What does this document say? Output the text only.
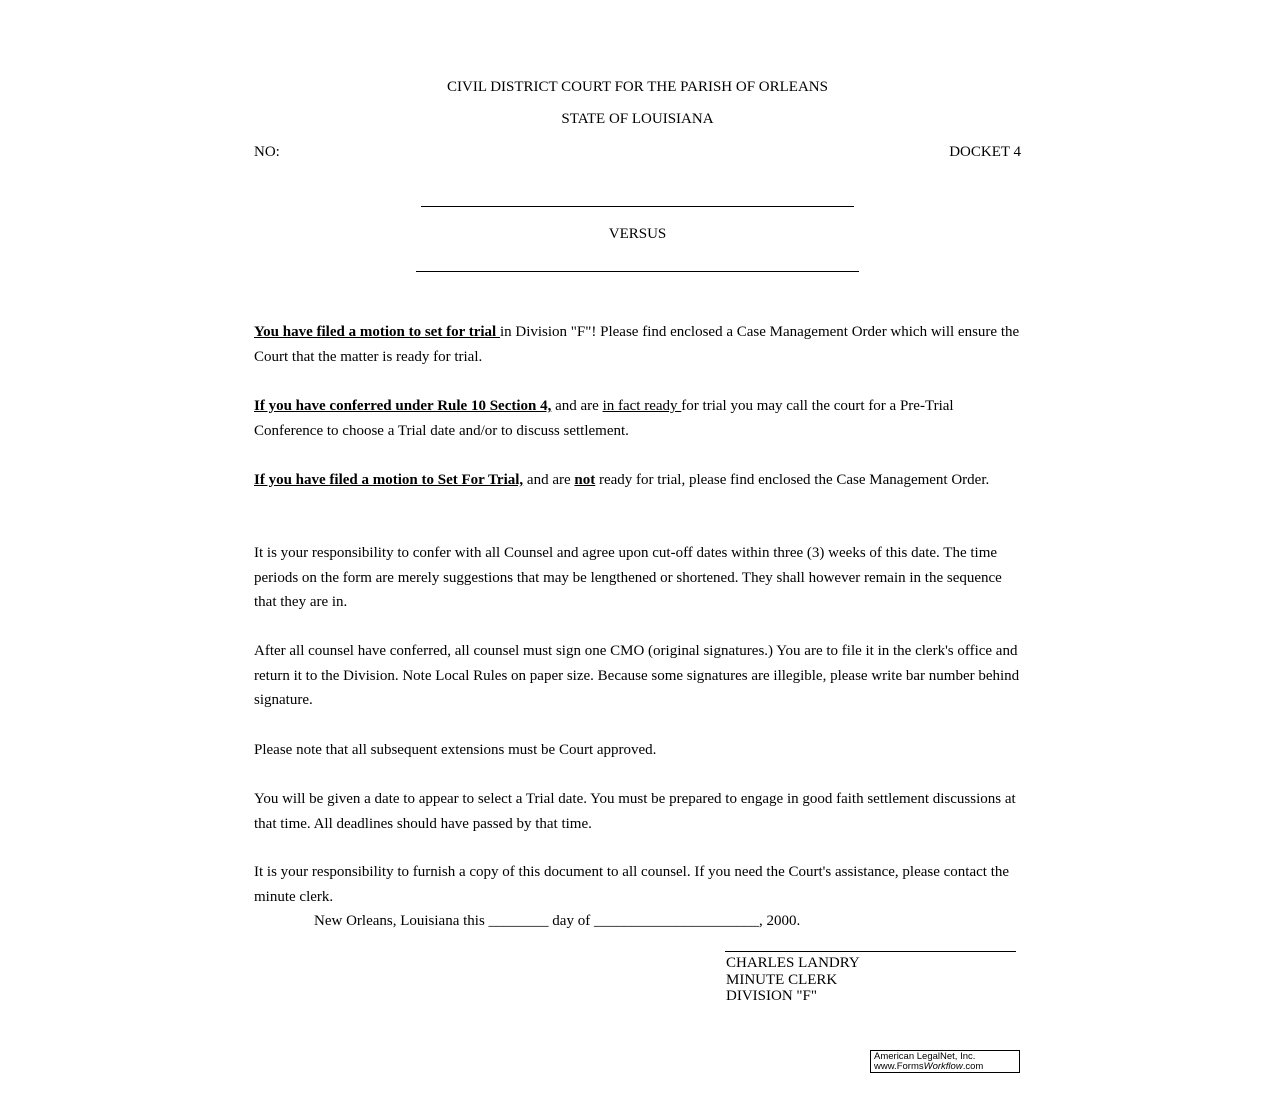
CIVIL DISTRICT COURT FOR THE PARISH OF ORLEANS
STATE OF LOUISIANA
NO:	DOCKET 4
VERSUS

You have filed a motion to set for trial in Division "F"! Please find enclosed a Case Management Order which will ensure the Court that the matter is ready for trial.

If you have conferred under Rule 10 Section 4, and are in fact ready for trial you may call the court for a Pre-Trial Conference to choose a Trial date and/or to discuss settlement.

If you have filed a motion to Set For Trial, and are not ready for trial, please find enclosed the Case Management Order.

It is your responsibility to confer with all Counsel and agree upon cut-off dates within three (3) weeks of this date. The time periods on the form are merely suggestions that may be lengthened or shortened. They shall however remain in the sequence that they are in.

After all counsel have conferred, all counsel must sign one CMO (original signatures.) You are to file it in the clerk's office and return it to the Division. Note Local Rules on paper size. Because some signatures are illegible, please write bar number behind signature.

Please note that all subsequent extensions must be Court approved.

You will be given a date to appear to select a Trial date. You must be prepared to engage in good faith settlement discussions at that time. All deadlines should have passed by that time.

It is your responsibility to furnish a copy of this document to all counsel. If you need the Court's assistance, please contact the minute clerk.

New Orleans, Louisiana this ________ day of ______________________, 2000.
CHARLES LANDRY
MINUTE CLERK
DIVISION "F"
American LegalNet, Inc.
www.FormsWorkflow.com
